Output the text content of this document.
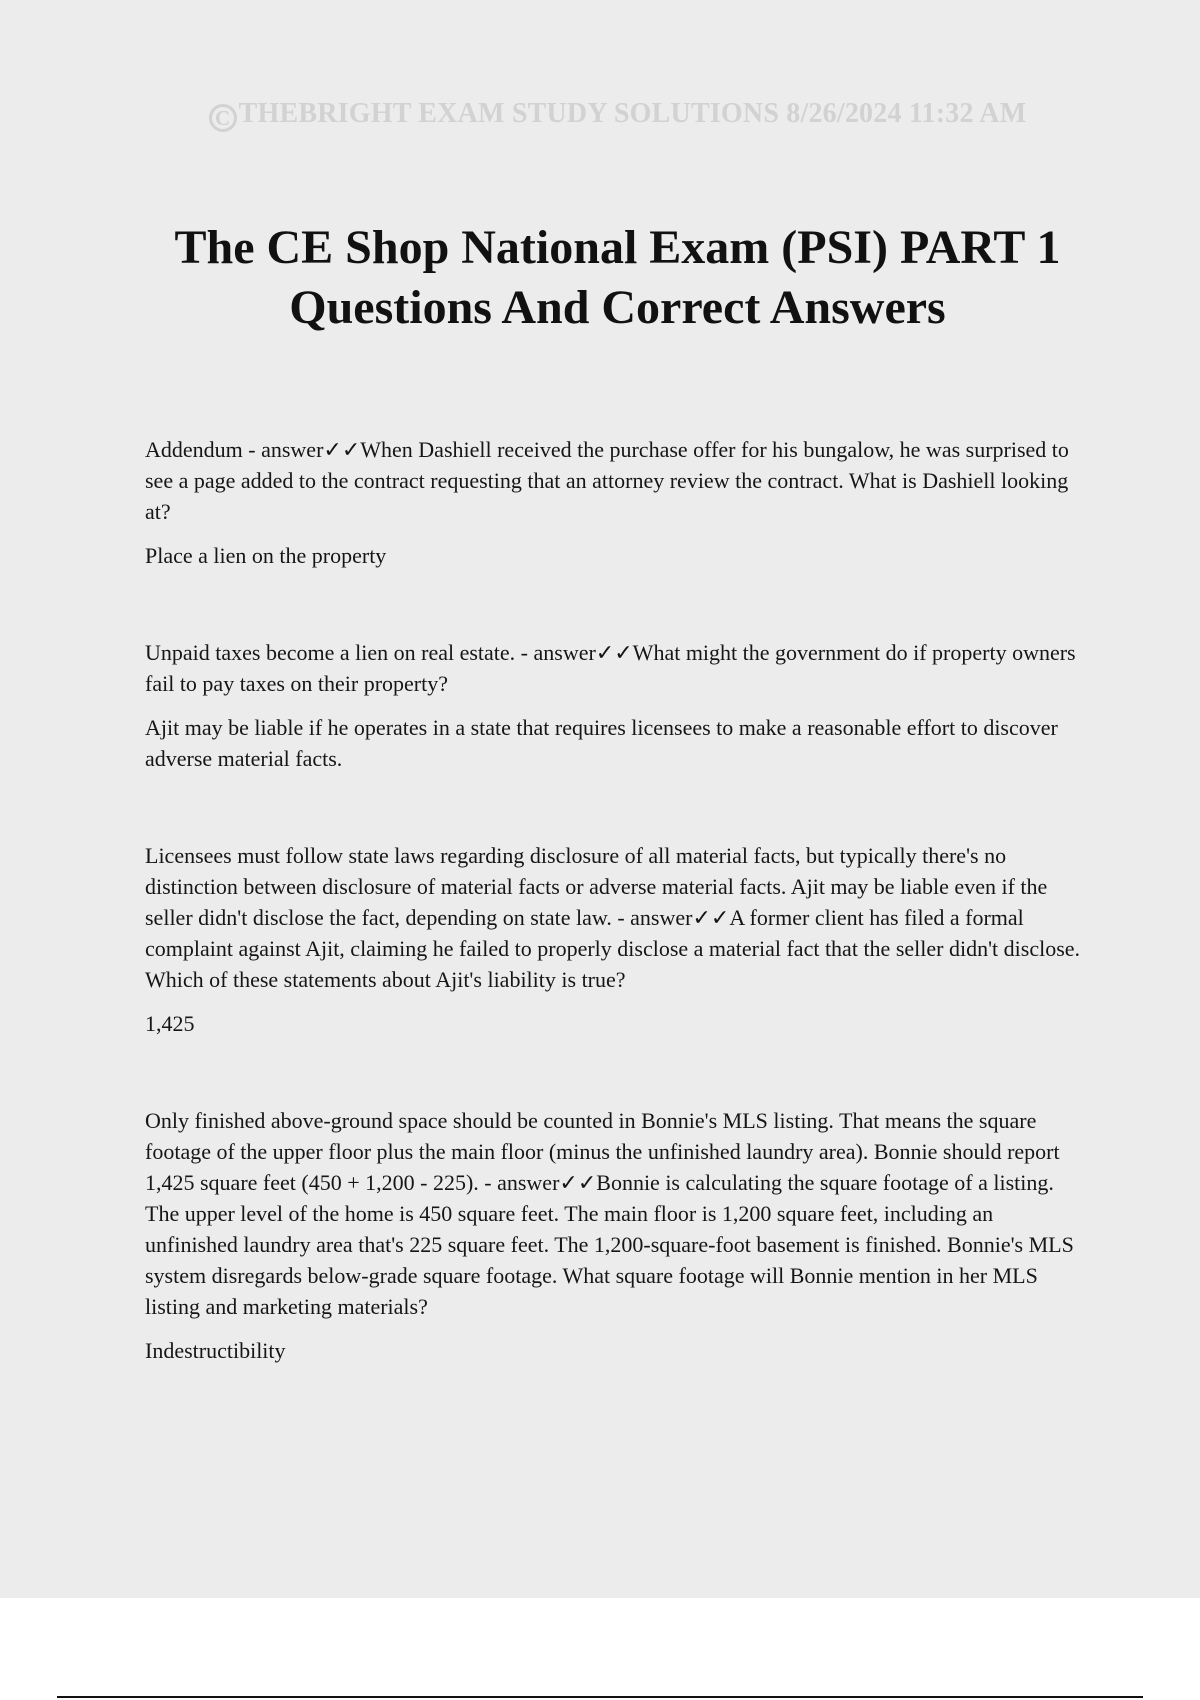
C THEBRIGHT EXAM STUDY SOLUTIONS 8/26/2024 11:32 AM
The CE Shop National Exam (PSI) PART 1
Questions And Correct Answers

Addendum - answer✓✓When Dashiell received the purchase offer for his bungalow, he was surprised to see a page added to the contract requesting that an attorney review the contract. What is Dashiell looking at?

Place a lien on the property

Unpaid taxes become a lien on real estate. - answer✓✓What might the government do if property owners fail to pay taxes on their property?

Ajit may be liable if he operates in a state that requires licensees to make a reasonable effort to discover adverse material facts.

Licensees must follow state laws regarding disclosure of all material facts, but typically there's no distinction between disclosure of material facts or adverse material facts. Ajit may be liable even if the seller didn't disclose the fact, depending on state law. - answer✓✓A former client has filed a formal complaint against Ajit, claiming he failed to properly disclose a material fact that the seller didn't disclose. Which of these statements about Ajit's liability is true?

1,425

Only finished above-ground space should be counted in Bonnie's MLS listing. That means the square footage of the upper floor plus the main floor (minus the unfinished laundry area). Bonnie should report 1,425 square feet (450 + 1,200 - 225). - answer✓✓Bonnie is calculating the square footage of a listing. The upper level of the home is 450 square feet. The main floor is 1,200 square feet, including an unfinished laundry area that's 225 square feet. The 1,200-square-foot basement is finished. Bonnie's MLS system disregards below-grade square footage. What square footage will Bonnie mention in her MLS listing and marketing materials?

Indestructibility
